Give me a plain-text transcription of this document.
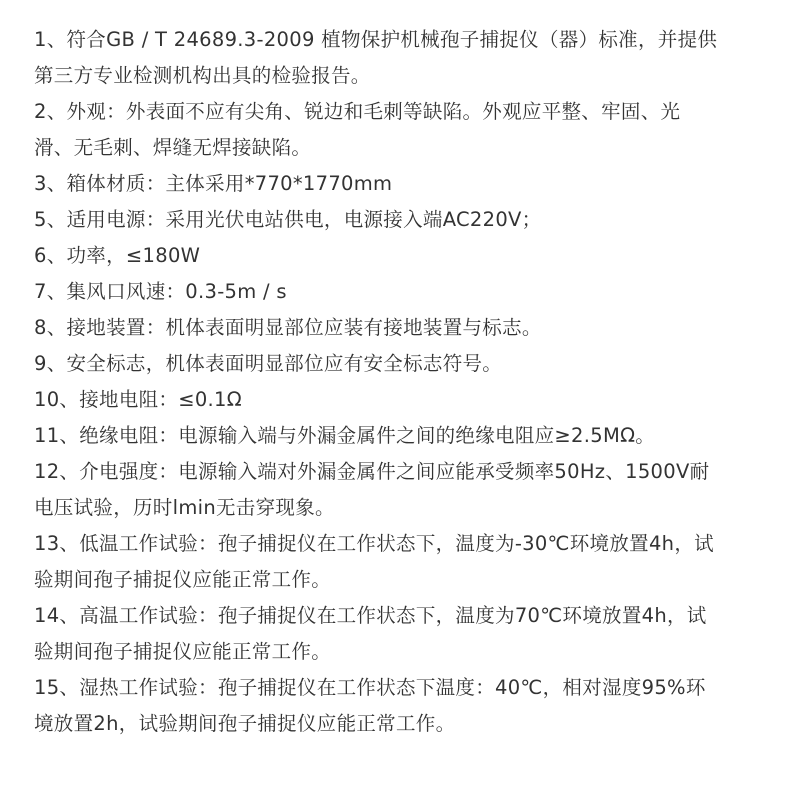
1、符合GB / T 24689.3-2009 植物保护机械孢子捕捉仪（器）标准，并提供
第三方专业检测机构出具的检验报告。
2、外观：外表面不应有尖角、锐边和毛刺等缺陷。外观应平整、牢固、光
滑、无毛刺、焊缝无焊接缺陷。
3、箱体材质：主体采用*770*1770mm
5、适用电源：采用光伏电站供电，电源接入端AC220V；
6、功率，≤180W
7、集风口风速：0.3-5m / s
8、接地装置：机体表面明显部位应装有接地装置与标志。
9、安全标志，机体表面明显部位应有安全标志符号。
10、接地电阻：≤0.1Ω
11、绝缘电阻：电源输入端与外漏金属件之间的绝缘电阻应≥2.5MΩ。
12、介电强度：电源输入端对外漏金属件之间应能承受频率50Hz、1500V耐
电压试验，历时lmin无击穿现象。
13、低温工作试验：孢子捕捉仪在工作状态下，温度为-30℃环境放置4h，试
验期间孢子捕捉仪应能正常工作。
14、高温工作试验：孢子捕捉仪在工作状态下，温度为70℃环境放置4h，试
验期间孢子捕捉仪应能正常工作。
15、湿热工作试验：孢子捕捉仪在工作状态下温度：40℃，相对湿度95%环
境放置2h，试验期间孢子捕捉仪应能正常工作。
